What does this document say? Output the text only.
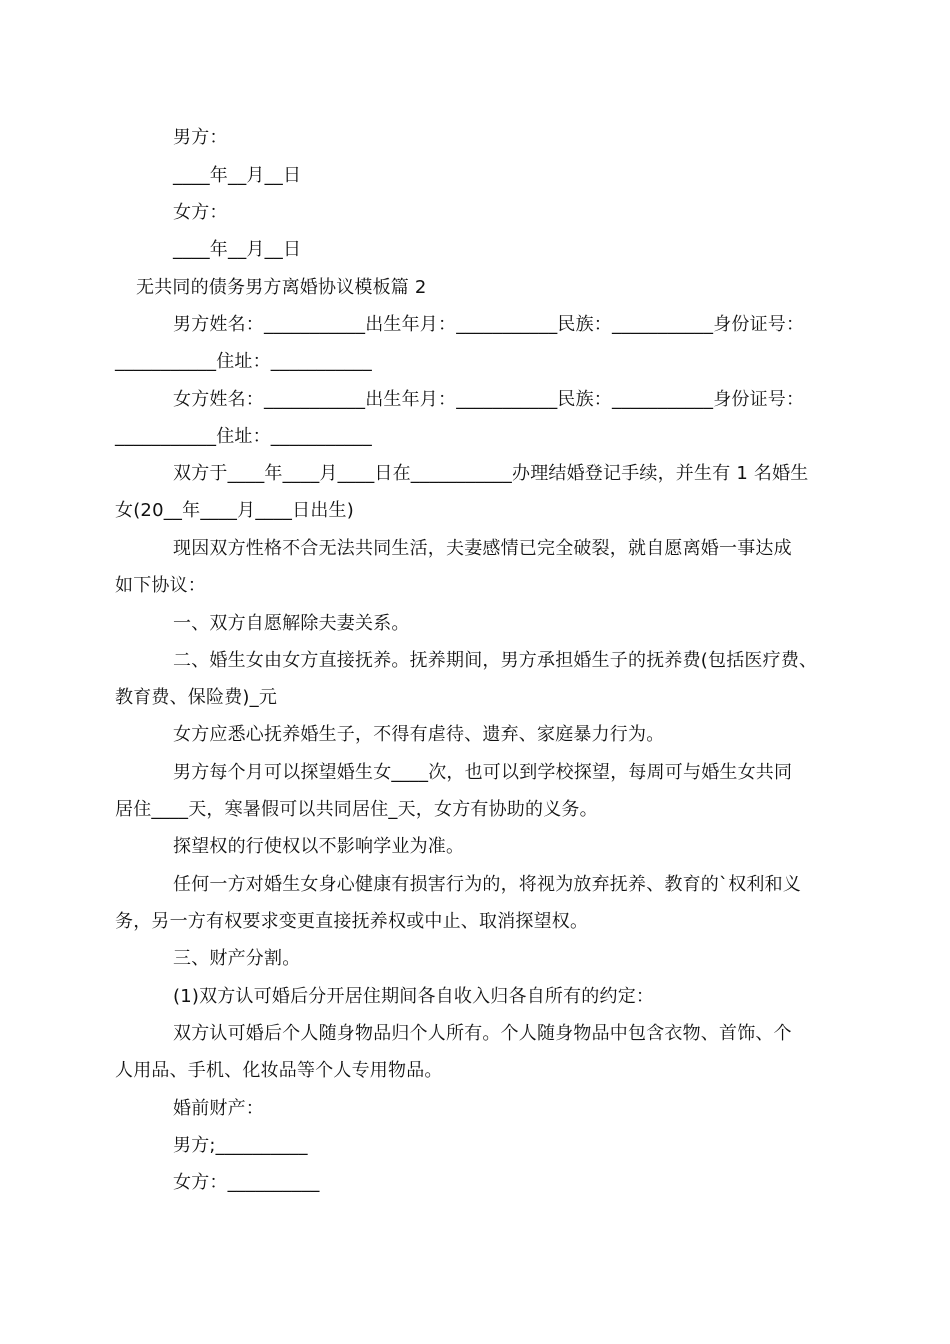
男方：
____年__月__日
女方：
____年__月__日
无共同的债务男方离婚协议模板篇 2
男方姓名：___________出生年月：___________民族：___________身份证号：
___________住址：___________
女方姓名：___________出生年月：___________民族：___________身份证号：
___________住址：___________
双方于____年____月____日在___________办理结婚登记手续，并生有 1 名婚生
女(20__年____月____日出生)
现因双方性格不合无法共同生活，夫妻感情已完全破裂，就自愿离婚一事达成
如下协议：
一、双方自愿解除夫妻关系。
二、婚生女由女方直接抚养。抚养期间，男方承担婚生子的抚养费(包括医疗费、
教育费、保险费)_元
女方应悉心抚养婚生子，不得有虐待、遗弃、家庭暴力行为。
男方每个月可以探望婚生女____次，也可以到学校探望，每周可与婚生女共同
居住____天，寒暑假可以共同居住_天，女方有协助的义务。
探望权的行使权以不影响学业为准。
任何一方对婚生女身心健康有损害行为的，将视为放弃抚养、教育的`权利和义
务，另一方有权要求变更直接抚养权或中止、取消探望权。
三、财产分割。
(1)双方认可婚后分开居住期间各自收入归各自所有的约定：
双方认可婚后个人随身物品归个人所有。个人随身物品中包含衣物、首饰、个
人用品、手机、化妆品等个人专用物品。
婚前财产：
男方;__________
女方：__________
